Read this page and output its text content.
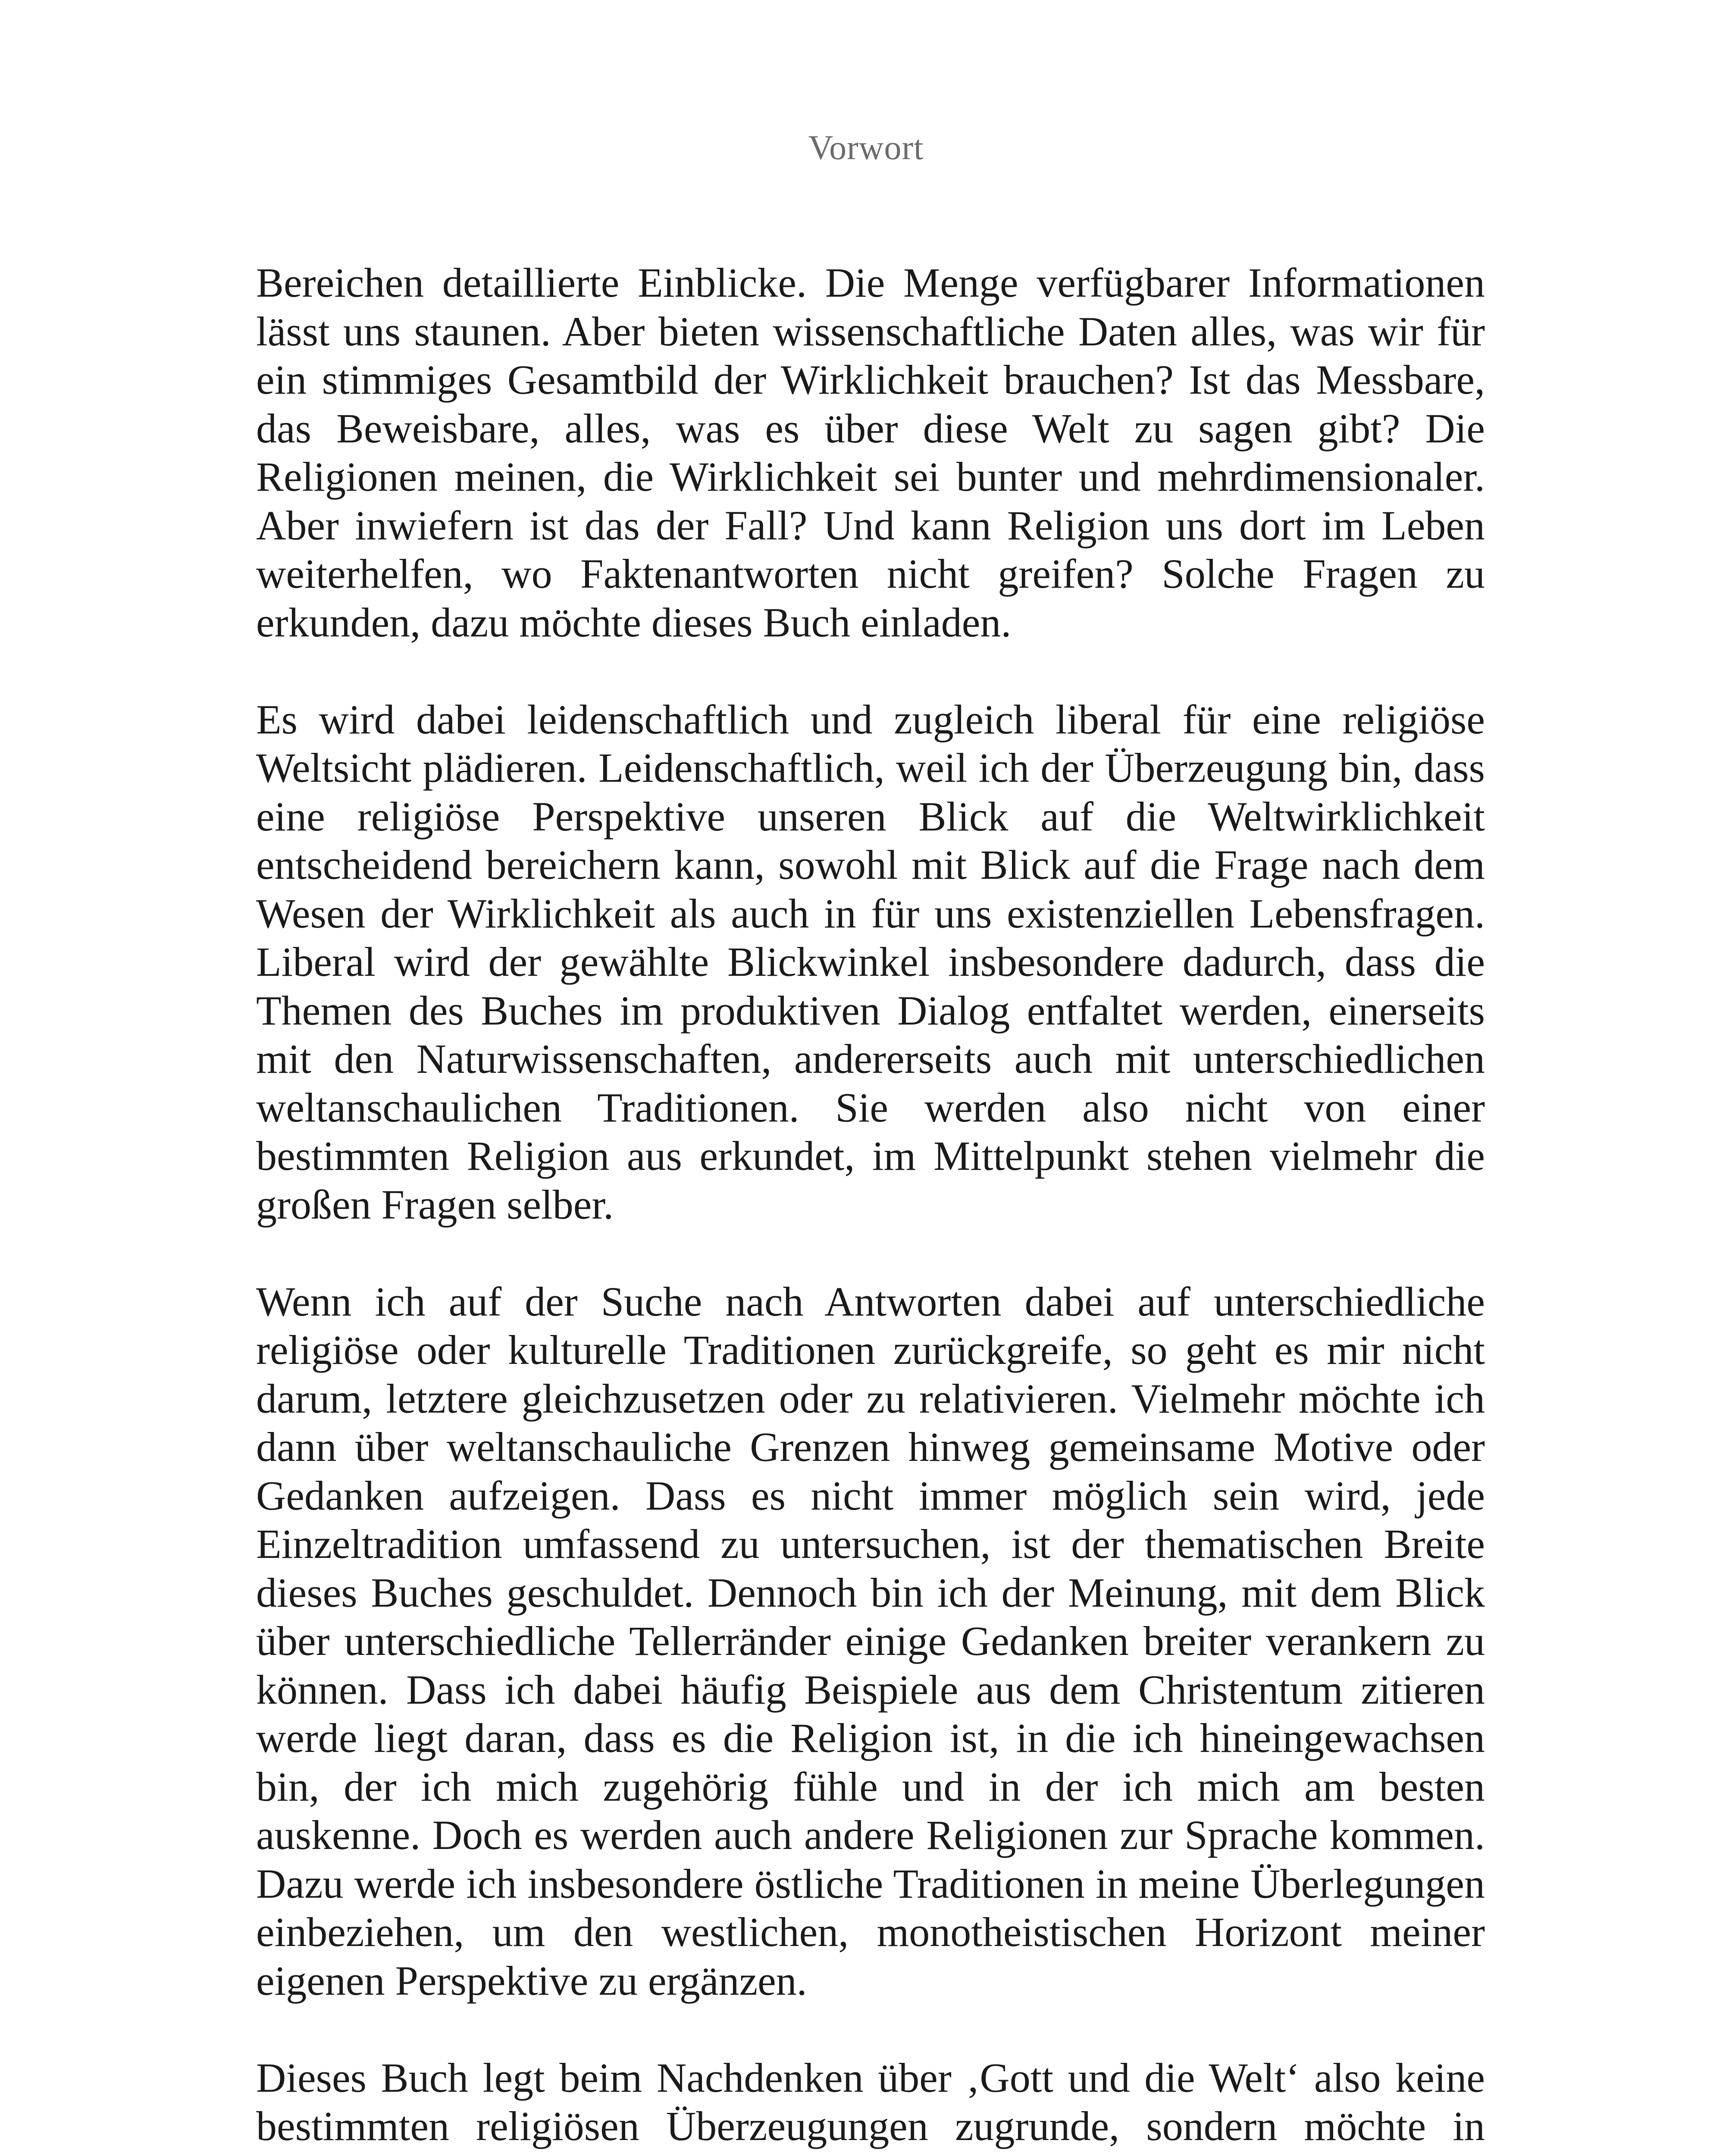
Vorwort

Bereichen detaillierte Einblicke. Die Menge verfügbarer Informationen lässt uns staunen. Aber bieten wissenschaftliche Daten alles, was wir für ein stimmiges Gesamtbild der Wirklichkeit brauchen? Ist das Messbare, das Beweisbare, alles, was es über diese Welt zu sagen gibt? Die Religionen meinen, die Wirklichkeit sei bunter und mehrdimensionaler. Aber inwiefern ist das der Fall? Und kann Religion uns dort im Leben weiterhelfen, wo Faktenantworten nicht greifen? Solche Fragen zu erkunden, dazu möchte dieses Buch einladen.

Es wird dabei leidenschaftlich und zugleich liberal für eine religiöse Weltsicht plädieren. Leidenschaftlich, weil ich der Überzeugung bin, dass eine religiöse Perspektive unseren Blick auf die Weltwirklichkeit entscheidend bereichern kann, sowohl mit Blick auf die Frage nach dem Wesen der Wirklichkeit als auch in für uns existenziellen Lebensfragen. Liberal wird der gewählte Blickwinkel insbesondere dadurch, dass die Themen des Buches im produktiven Dialog entfaltet werden, einerseits mit den Naturwissenschaften, andererseits auch mit unterschiedlichen weltanschaulichen Traditionen. Sie werden also nicht von einer bestimmten Religion aus erkundet, im Mittelpunkt stehen vielmehr die großen Fragen selber.

Wenn ich auf der Suche nach Antworten dabei auf unterschiedliche religiöse oder kulturelle Traditionen zurückgreife, so geht es mir nicht darum, letztere gleichzusetzen oder zu relativieren. Vielmehr möchte ich dann über weltanschauliche Grenzen hinweg gemeinsame Motive oder Gedanken aufzeigen. Dass es nicht immer möglich sein wird, jede Einzeltradition umfassend zu untersuchen, ist der thematischen Breite dieses Buches geschuldet. Dennoch bin ich der Meinung, mit dem Blick über unterschiedliche Tellerränder einige Gedanken breiter verankern zu können. Dass ich dabei häufig Beispiele aus dem Christentum zitieren werde liegt daran, dass es die Religion ist, in die ich hineingewachsen bin, der ich mich zugehörig fühle und in der ich mich am besten auskenne. Doch es werden auch andere Religionen zur Sprache kommen. Dazu werde ich insbesondere östliche Traditionen in meine Überlegungen einbeziehen, um den westlichen, monotheistischen Horizont meiner eigenen Perspektive zu ergänzen.

Dieses Buch legt beim Nachdenken über ‚Gott und die Welt‘ also keine bestimmten religiösen Überzeugungen zugrunde, sondern möchte in
